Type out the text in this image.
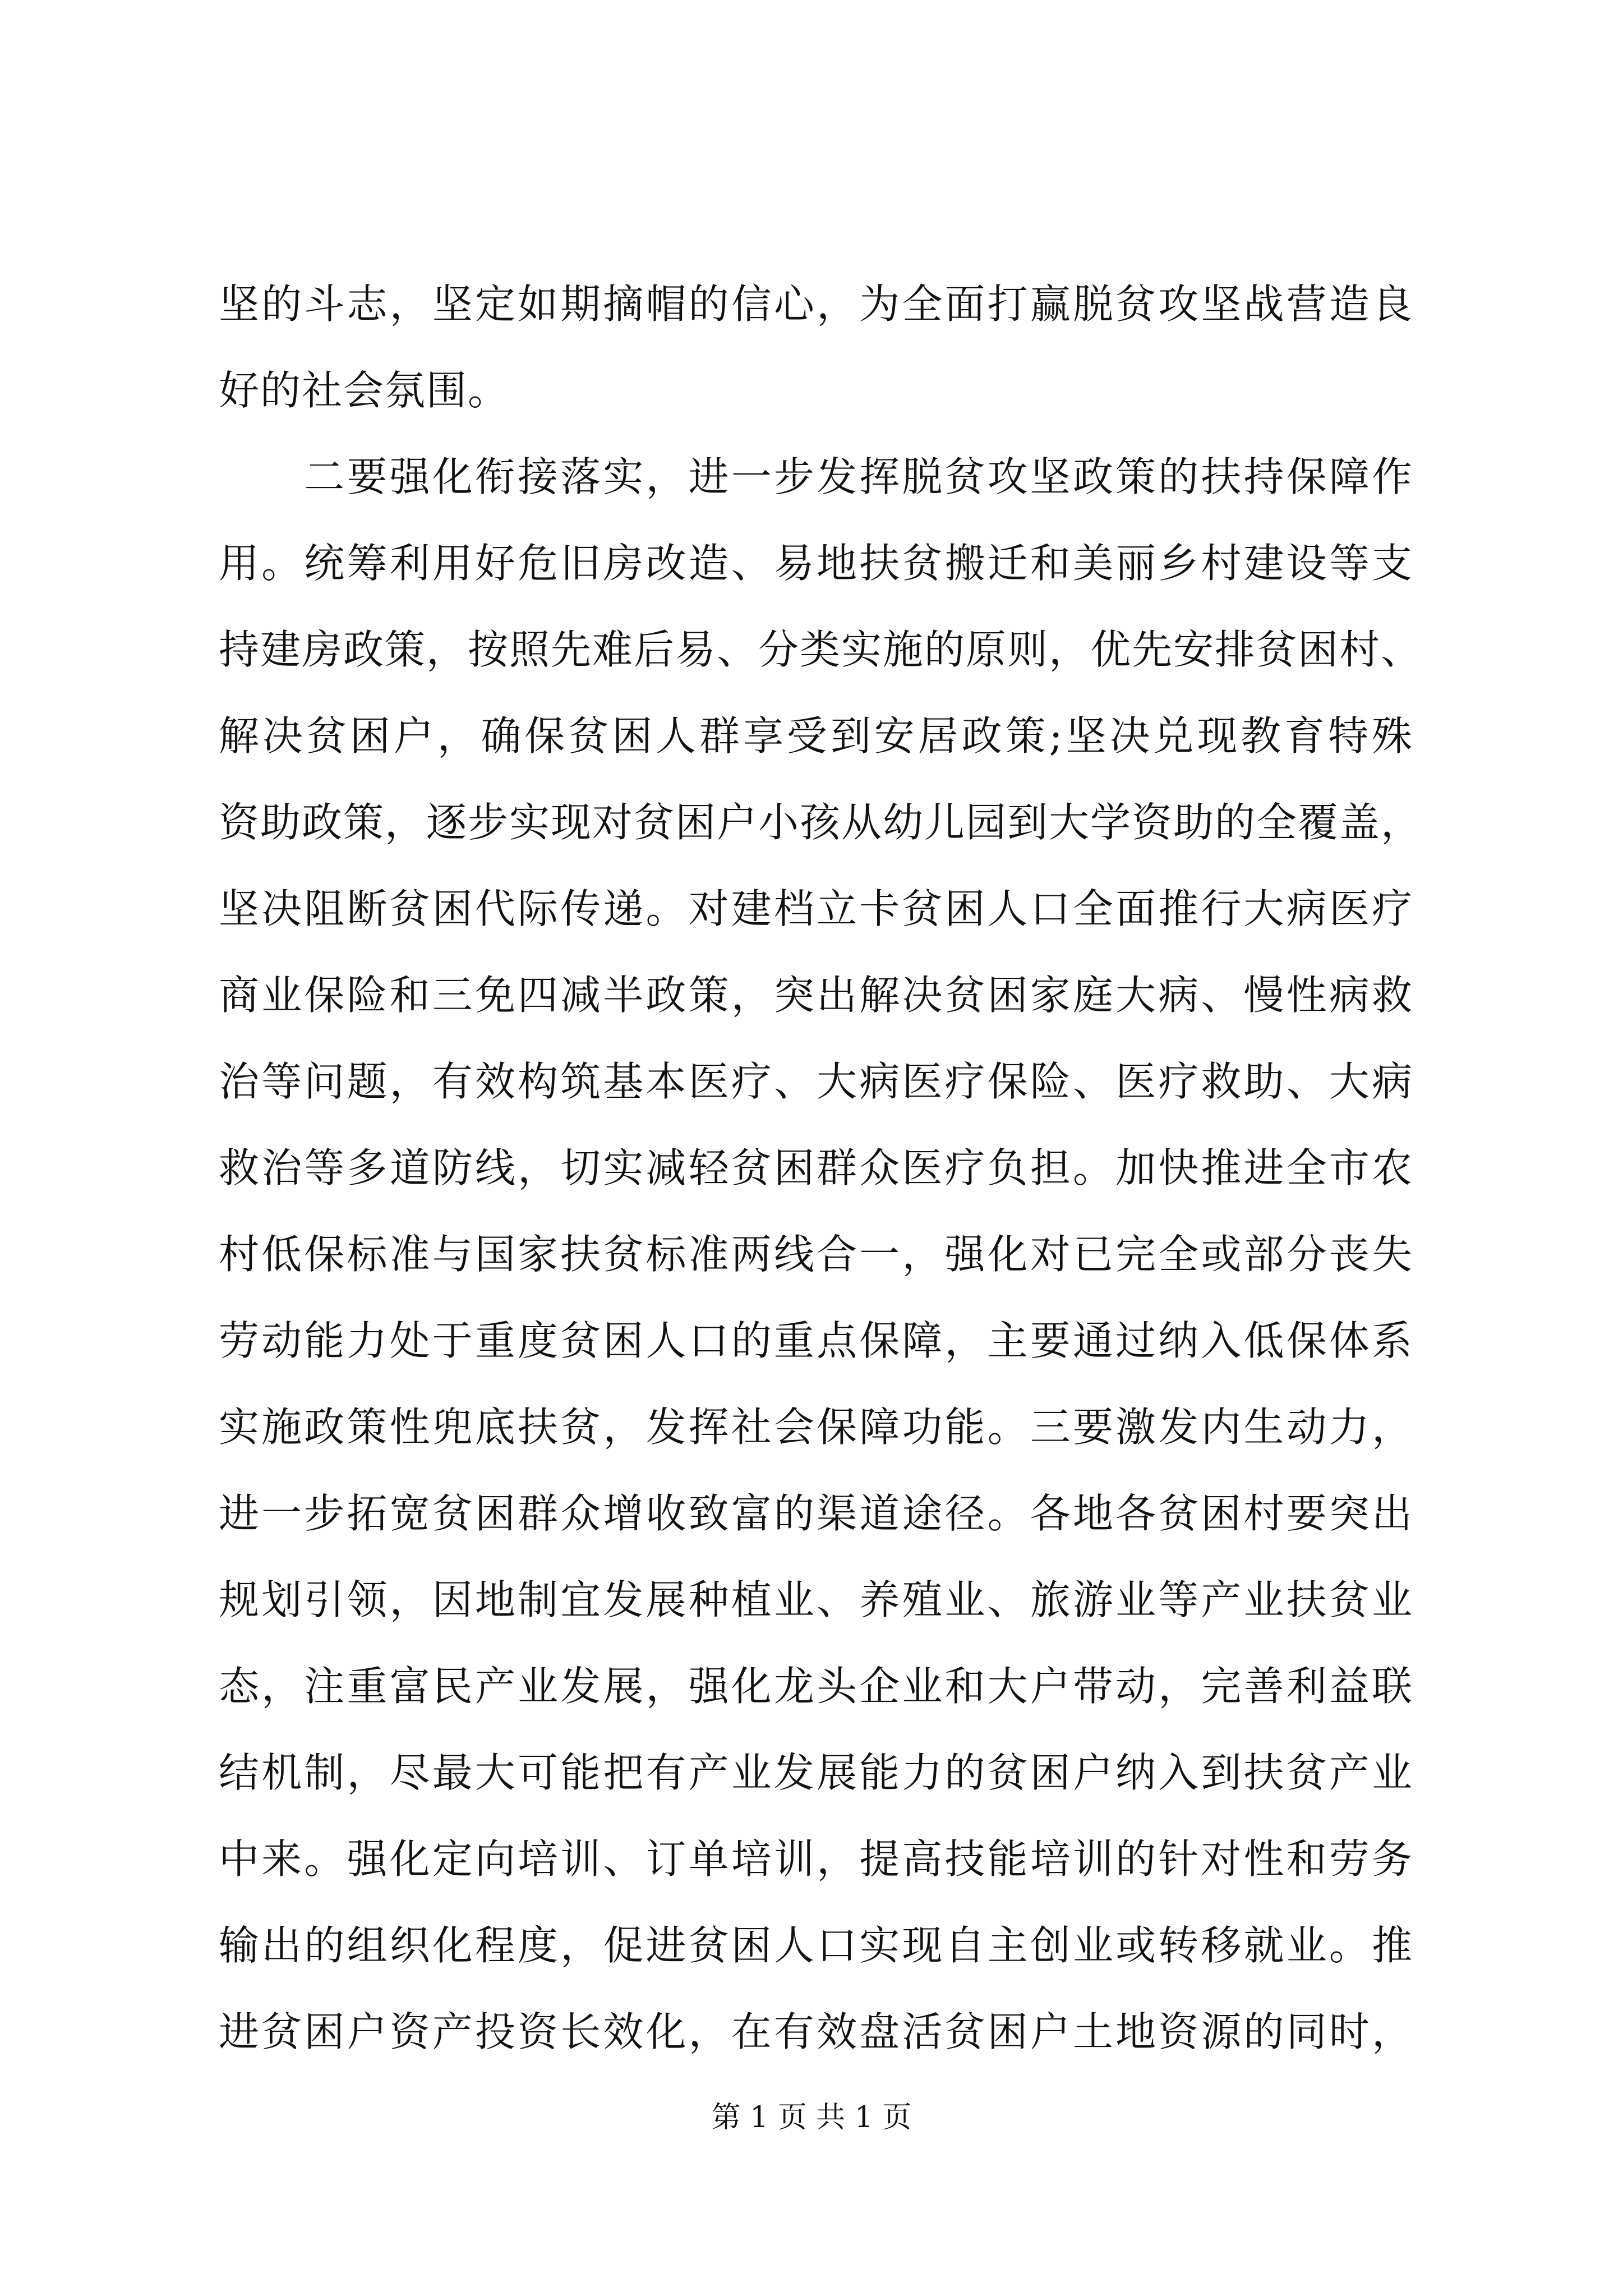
坚的斗志，坚定如期摘帽的信心，为全面打赢脱贫攻坚战营造良
好的社会氛围。
　　二要强化衔接落实，进一步发挥脱贫攻坚政策的扶持保障作
用。统筹利用好危旧房改造、易地扶贫搬迁和美丽乡村建设等支
持建房政策，按照先难后易、分类实施的原则，优先安排贫困村、
解决贫困户，确保贫困人群享受到安居政策;坚决兑现教育特殊
资助政策，逐步实现对贫困户小孩从幼儿园到大学资助的全覆盖，
坚决阻断贫困代际传递。对建档立卡贫困人口全面推行大病医疗
商业保险和三免四减半政策，突出解决贫困家庭大病、慢性病救
治等问题，有效构筑基本医疗、大病医疗保险、医疗救助、大病
救治等多道防线，切实减轻贫困群众医疗负担。加快推进全市农
村低保标准与国家扶贫标准两线合一，强化对已完全或部分丧失
劳动能力处于重度贫困人口的重点保障，主要通过纳入低保体系
实施政策性兜底扶贫，发挥社会保障功能。三要激发内生动力，
进一步拓宽贫困群众增收致富的渠道途径。各地各贫困村要突出
规划引领，因地制宜发展种植业、养殖业、旅游业等产业扶贫业
态，注重富民产业发展，强化龙头企业和大户带动，完善利益联
结机制，尽最大可能把有产业发展能力的贫困户纳入到扶贫产业
中来。强化定向培训、订单培训，提高技能培训的针对性和劳务
输出的组织化程度，促进贫困人口实现自主创业或转移就业。推
进贫困户资产投资长效化，在有效盘活贫困户土地资源的同时，
第 1 页 共 1 页
